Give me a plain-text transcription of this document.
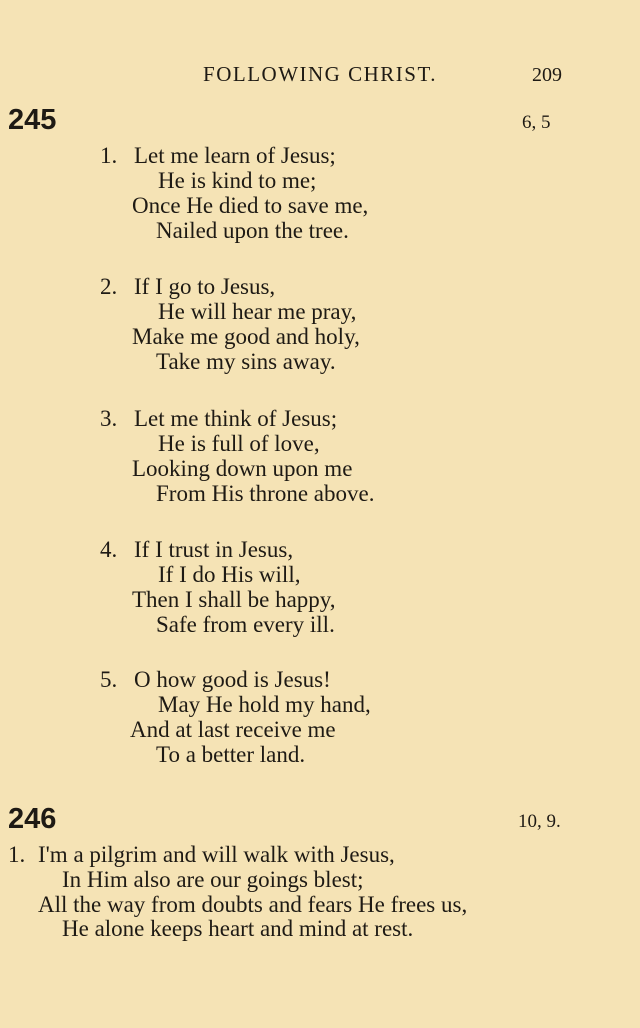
FOLLOWING CHRIST.	209
245	6, 5
1. Let me learn of Jesus;
He is kind to me;
Once He died to save me,
Nailed upon the tree.
2. If I go to Jesus,
He will hear me pray,
Make me good and holy,
Take my sins away.
3. Let me think of Jesus;
He is full of love,
Looking down upon me
From His throne above.
4. If I trust in Jesus,
If I do His will,
Then I shall be happy,
Safe from every ill.
5. O how good is Jesus!
May He hold my hand,
And at last receive me
To a better land.
246	10, 9.
1. I'm a pilgrim and will walk with Jesus,
In Him also are our goings blest;
All the way from doubts and fears He frees us,
He alone keeps heart and mind at rest.
